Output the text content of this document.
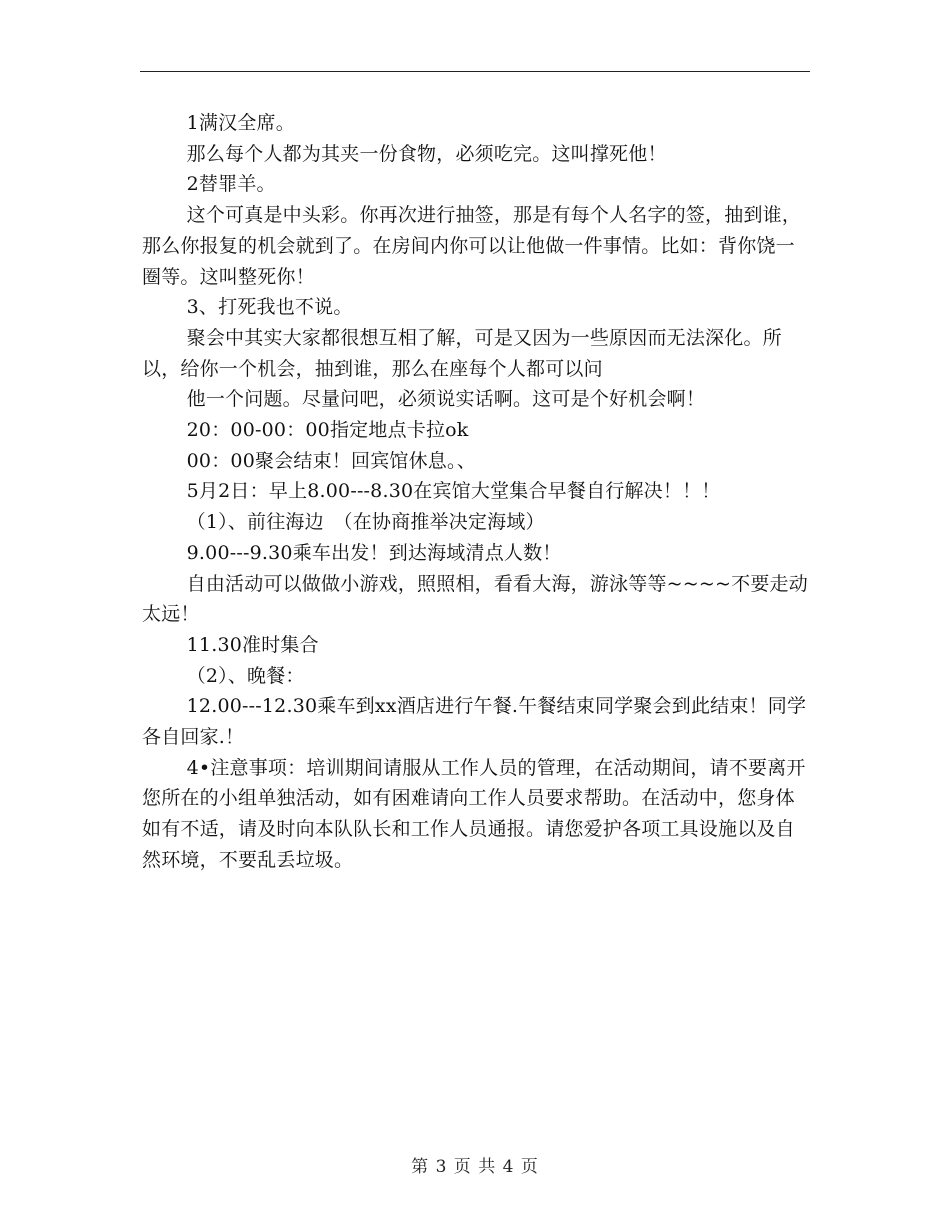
1满汉全席。

那么每个人都为其夹一份食物，必须吃完。这叫撑死他！

2替罪羊。

这个可真是中头彩。你再次进行抽签，那是有每个人名字的签，抽到谁，那么你报复的机会就到了。在房间内你可以让他做一件事情。比如：背你饶一圈等。这叫整死你！

3、打死我也不说。

聚会中其实大家都很想互相了解，可是又因为一些原因而无法深化。所以，给你一个机会，抽到谁，那么在座每个人都可以问

他一个问题。尽量问吧，必须说实话啊。这可是个好机会啊！

20：00-00：00指定地点卡拉ok

00：00聚会结束！回宾馆休息。、

5月2日：早上8.00---8.30在宾馆大堂集合早餐自行解决！！！

（1）、前往海边　（在协商推举决定海域）

9.00---9.30乘车出发！到达海域清点人数！

自由活动可以做做小游戏，照照相，看看大海，游泳等等~~~~不要走动太远！

11.30准时集合

（2）、晚餐：

12.00---12.30乘车到xx酒店进行午餐.午餐结束同学聚会到此结束！同学各自回家.！

4•注意事项：培训期间请服从工作人员的管理，在活动期间，请不要离开您所在的小组单独活动，如有困难请向工作人员要求帮助。在活动中，您身体如有不适，请及时向本队队长和工作人员通报。请您爱护各项工具设施以及自然环境，不要乱丢垃圾。

第 3 页 共 4 页
